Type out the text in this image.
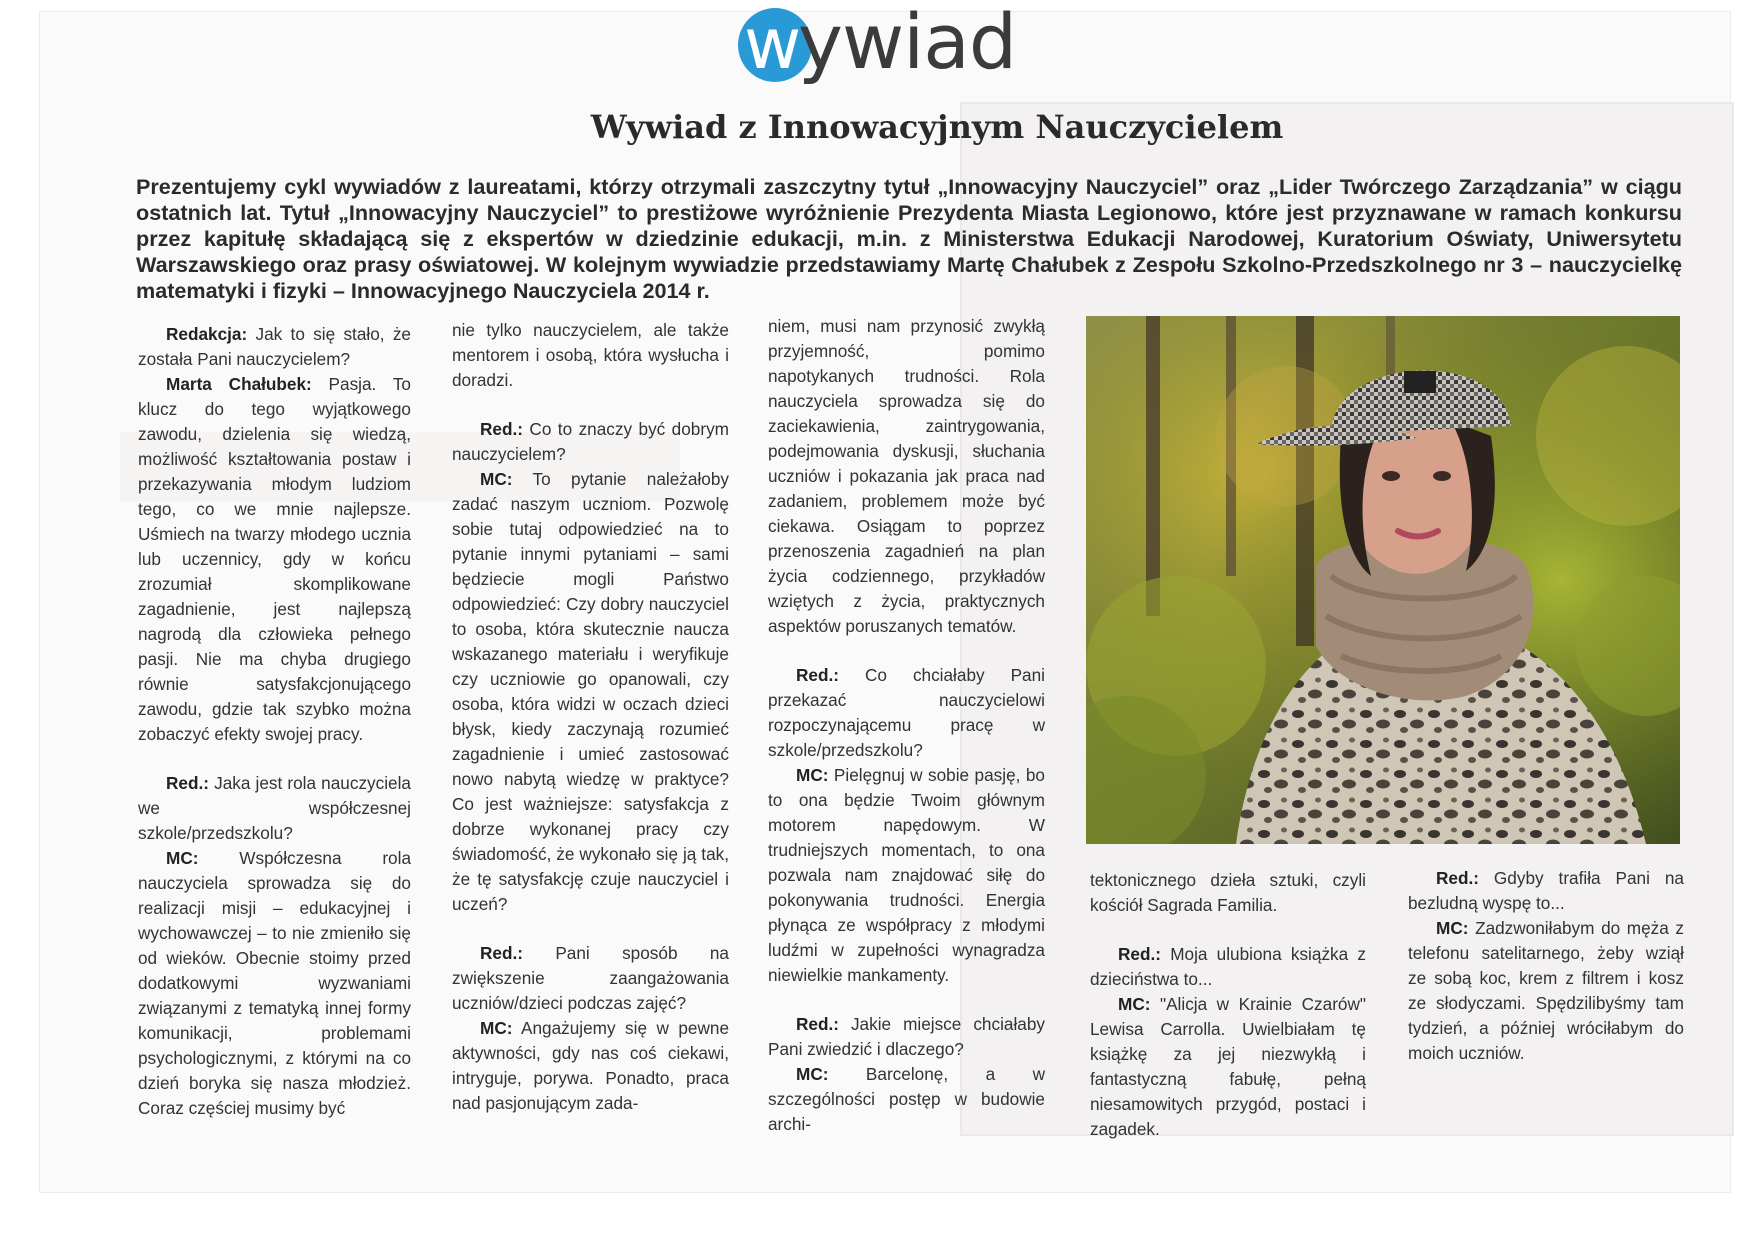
w
ywiad
Wywiad z Innowacyjnym Nauczycielem

Prezentujemy cykl wywiadów z laureatami, którzy otrzymali zaszczytny tytuł „Innowacyjny Nauczyciel” oraz „Lider Twórczego Zarządzania” w ciągu ostatnich lat. Tytuł „Innowacyjny Nauczyciel” to prestiżowe wyróżnienie Prezydenta Miasta Legionowo, które jest przyznawane w ramach konkursu przez kapitułę składającą się z ekspertów w dziedzinie edukacji, m.in. z Ministerstwa Edukacji Narodowej, Kuratorium Oświaty, Uniwersytetu Warszawskiego oraz prasy oświatowej. W kolejnym wywiadzie przedstawiamy Martę Chałubek z Zespołu Szkolno-Przedszkolnego nr 3 – nauczycielkę matematyki i fizyki – Innowacyjnego Nauczyciela 2014 r.

Redakcja: Jak to się stało, że została Pani nauczycielem?

Marta Chałubek: Pasja. To klucz do tego wyjątkowego zawodu, dzielenia się wiedzą, możliwość kształtowania postaw i przekazywania młodym ludziom tego, co we mnie najlepsze. Uśmiech na twarzy młodego ucznia lub uczennicy, gdy w końcu zrozumiał skomplikowane zagadnienie, jest najlepszą nagrodą dla człowieka pełnego pasji. Nie ma chyba drugiego równie satysfakcjonującego zawodu, gdzie tak szybko można zobaczyć efekty swojej pracy.

Red.: Jaka jest rola nauczyciela we współczesnej szkole/przedszkolu?

MC: Współczesna rola nauczyciela sprowadza się do realizacji misji – edukacyjnej i wychowawczej – to nie zmieniło się od wieków. Obecnie stoimy przed dodatkowymi wyzwaniami związanymi z tematyką innej formy komunikacji, problemami psychologicznymi, z którymi na co dzień boryka się nasza młodzież. Coraz częściej musimy być

nie tylko nauczycielem, ale także mentorem i osobą, która wysłucha i doradzi.

Red.: Co to znaczy być dobrym nauczycielem?

MC: To pytanie należałoby zadać naszym uczniom. Pozwolę sobie tutaj odpowiedzieć na to pytanie innymi pytaniami – sami będziecie mogli Państwo odpowiedzieć: Czy dobry nauczyciel to osoba, która skutecznie naucza wskazanego materiału i weryfikuje czy uczniowie go opanowali, czy osoba, która widzi w oczach dzieci błysk, kiedy zaczynają rozumieć zagadnienie i umieć zastosować nowo nabytą wiedzę w praktyce? Co jest ważniejsze: satysfakcja z dobrze wykonanej pracy czy świadomość, że wykonało się ją tak, że tę satysfakcję czuje nauczyciel i uczeń?

Red.: Pani sposób na zwiększenie zaangażowania uczniów/dzieci podczas zajęć?

MC: Angażujemy się w pewne aktywności, gdy nas coś ciekawi, intryguje, porywa. Ponadto, praca nad pasjonującym zada-

niem, musi nam przynosić zwykłą przyjemność, pomimo napotykanych trudności. Rola nauczyciela sprowadza się do zaciekawienia, zaintrygowania, podejmowania dyskusji, słuchania uczniów i pokazania jak praca nad zadaniem, problemem może być ciekawa. Osiągam to poprzez przenoszenia zagadnień na plan życia codziennego, przykładów wziętych z życia, praktycznych aspektów poruszanych tematów.

Red.: Co chciałaby Pani przekazać nauczycielowi rozpoczynającemu pracę w szkole/przedszkolu?

MC: Pielęgnuj w sobie pasję, bo to ona będzie Twoim głównym motorem napędowym. W trudniejszych momentach, to ona pozwala nam znajdować siłę do pokonywania trudności. Energia płynąca ze współpracy z młodymi ludźmi w zupełności wynagradza niewielkie mankamenty.

Red.: Jakie miejsce chciałaby Pani zwiedzić i dlaczego?

MC: Barcelonę, a w szczególności postęp w budowie archi-

tektonicznego dzieła sztuki, czyli kościół Sagrada Familia.

Red.: Moja ulubiona książka z dzieciństwa to...

MC: "Alicja w Krainie Czarów" Lewisa Carrolla. Uwielbiałam tę książkę za jej niezwykłą i fantastyczną fabułę, pełną niesamowitych przygód, postaci i zagadek.

Red.: Gdyby trafiła Pani na bezludną wyspę to...

MC: Zadzwoniłabym do męża z telefonu satelitarnego, żeby wziął ze sobą koc, krem z filtrem i kosz ze słodyczami. Spędzilibyśmy tam tydzień, a później wróciłabym do moich uczniów.
